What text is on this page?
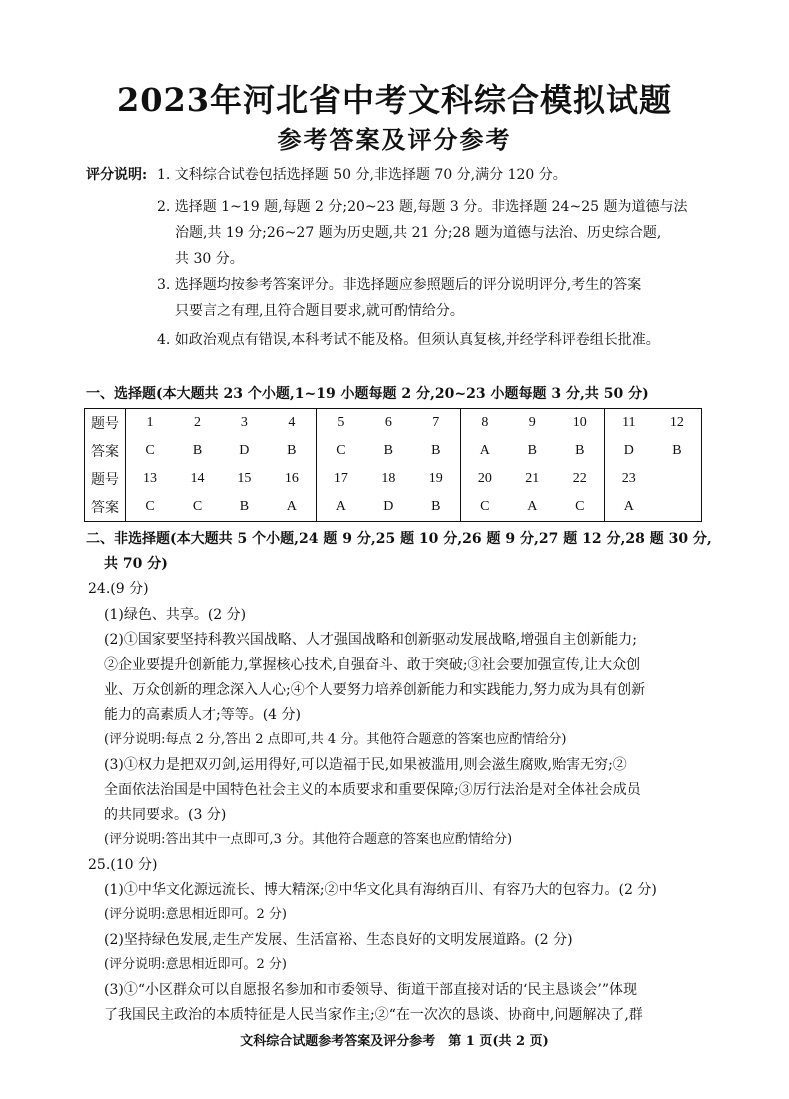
2023年河北省中考文科综合模拟试题
参考答案及评分参考
评分说明: 1. 文科综合试卷包括选择题 50 分,非选择题 70 分,满分 120 分。
2. 选择题 1~19 题,每题 2 分;20~23 题,每题 3 分。非选择题 24~25 题为道德与法
治题,共 19 分;26~27 题为历史题,共 21 分;28 题为道德与法治、历史综合题,
共 30 分。
3. 选择题均按参考答案评分。非选择题应参照题后的评分说明评分,考生的答案
只要言之有理,且符合题目要求,就可酌情给分。
4. 如政治观点有错误,本科考试不能及格。但须认真复核,并经学科评卷组长批准。
一、选择题(本大题共 23 个小题,1~19 小题每题 2 分,20~23 小题每题 3 分,共 50 分)
题号	1	2	3	4	5	6	7	8	9	10	11	12
答案	C	B	D	B	C	B	B	A	B	B	D	B
题号	13	14	15	16	17	18	19	20	21	22	23	
答案	C	C	B	A	A	D	B	C	A	C	A	
二、非选择题(本大题共 5 个小题,24 题 9 分,25 题 10 分,26 题 9 分,27 题 12 分,28 题 30 分,
共 70 分)
24.(9 分)
(1)绿色、共享。(2 分)
(2)①国家要坚持科教兴国战略、人才强国战略和创新驱动发展战略,增强自主创新能力;
②企业要提升创新能力,掌握核心技术,自强奋斗、敢于突破;③社会要加强宣传,让大众创
业、万众创新的理念深入人心;④个人要努力培养创新能力和实践能力,努力成为具有创新
能力的高素质人才;等等。(4 分)
(评分说明:每点 2 分,答出 2 点即可,共 4 分。其他符合题意的答案也应酌情给分)
(3)①权力是把双刃剑,运用得好,可以造福于民,如果被滥用,则会滋生腐败,贻害无穷;②
全面依法治国是中国特色社会主义的本质要求和重要保障;③厉行法治是对全体社会成员
的共同要求。(3 分)
(评分说明:答出其中一点即可,3 分。其他符合题意的答案也应酌情给分)
25.(10 分)
(1)①中华文化源远流长、博大精深;②中华文化具有海纳百川、有容乃大的包容力。(2 分)
(评分说明:意思相近即可。2 分)
(2)坚持绿色发展,走生产发展、生活富裕、生态良好的文明发展道路。(2 分)
(评分说明:意思相近即可。2 分)
(3)①“小区群众可以自愿报名参加和市委领导、街道干部直接对话的‘民主恳谈会’”体现
了我国民主政治的本质特征是人民当家作主;②“在一次次的恳谈、协商中,问题解决了,群
文科综合试题参考答案及评分参考　第 1 页(共 2 页)
